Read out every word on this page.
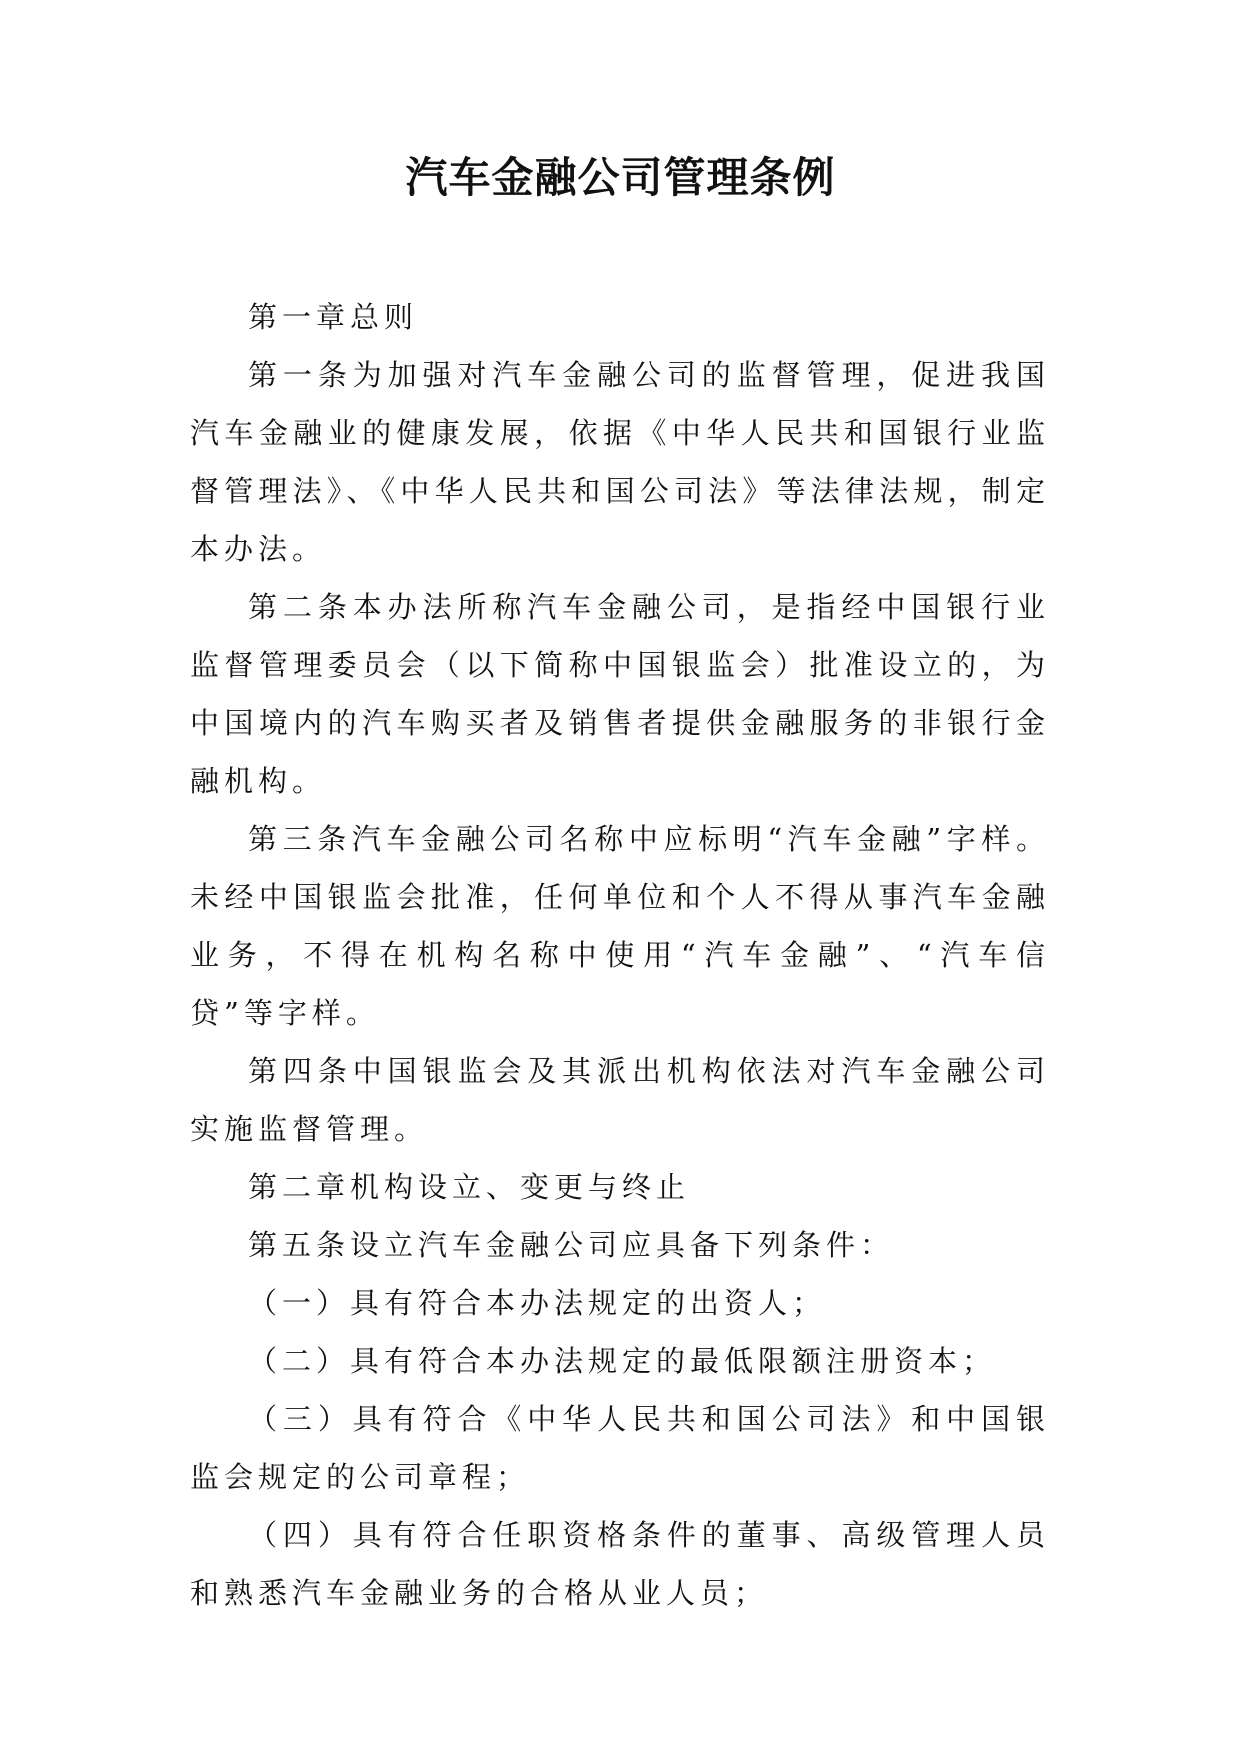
汽车金融公司管理条例

第一章总则

第一条为加强对汽车金融公司的监督管理，促进我国汽车金融业的健康发展，依据《中华人民共和国银行业监督管理法》、《中华人民共和国公司法》等法律法规，制定本办法。

第二条本办法所称汽车金融公司，是指经中国银行业监督管理委员会（以下简称中国银监会）批准设立的，为中国境内的汽车购买者及销售者提供金融服务的非银行金融机构。

第三条汽车金融公司名称中应标明“汽车金融”字样。未经中国银监会批准，任何单位和个人不得从事汽车金融业务，不得在机构名称中使用“汽车金融”、“汽车信贷”等字样。

第四条中国银监会及其派出机构依法对汽车金融公司实施监督管理。

第二章机构设立、变更与终止

第五条设立汽车金融公司应具备下列条件：

（一）具有符合本办法规定的出资人；

（二）具有符合本办法规定的最低限额注册资本；

（三）具有符合《中华人民共和国公司法》和中国银监会规定的公司章程；

（四）具有符合任职资格条件的董事、高级管理人员和熟悉汽车金融业务的合格从业人员；
